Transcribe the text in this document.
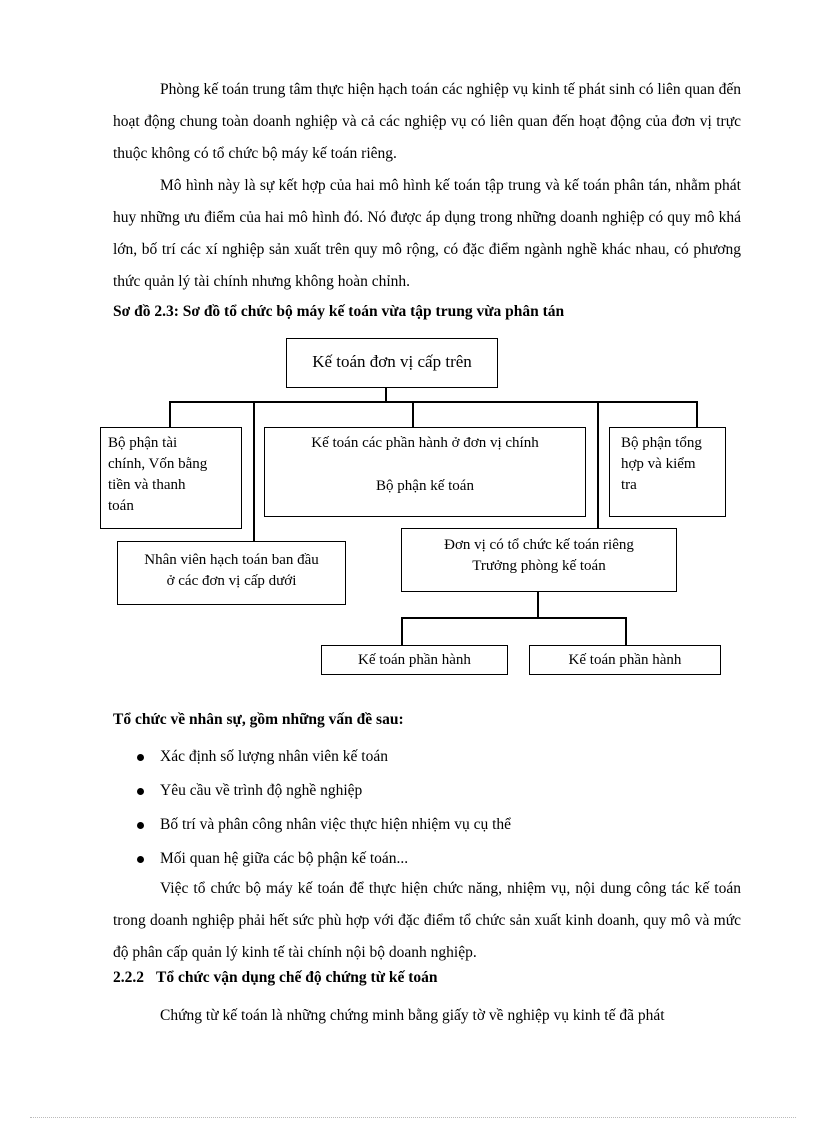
Phòng kế toán trung tâm thực hiện hạch toán các nghiệp vụ kinh tế phát sinh có liên quan đến hoạt động chung toàn doanh nghiệp và cả các nghiệp vụ có liên quan đến hoạt động của đơn vị trực thuộc không có tổ chức bộ máy kế toán riêng.

Mô hình này là sự kết hợp của hai mô hình kế toán tập trung và kế toán phân tán, nhằm phát huy những ưu điểm của hai mô hình đó. Nó được áp dụng trong những doanh nghiệp có quy mô khá lớn, bố trí các xí nghiệp sản xuất trên quy mô rộng, có đặc điểm ngành nghề khác nhau, có phương thức quản lý tài chính nhưng không hoàn chỉnh.

Sơ đồ 2.3: Sơ đồ tổ chức bộ máy kế toán vừa tập trung vừa phân tán

Kế toán đơn vị cấp trên
Bộ phận tài
chính, Vốn bằng
tiền và thanh
toán
Kế toán các phần hành ở đơn vị chính
Bộ phận kế toán
Bộ phận tổng
hợp và kiểm
tra
Nhân viên hạch toán ban đầu
ở các đơn vị cấp dưới
Đơn vị có tổ chức kế toán riêng
Trưởng phòng kế toán
Kế toán phần hành	Kế toán phần hành

Tổ chức về nhân sự, gồm những vấn đề sau:

Xác định số lượng nhân viên kế toán
Yêu cầu về trình độ nghề nghiệp
Bố trí và phân công nhân việc thực hiện nhiệm vụ cụ thể
Mối quan hệ giữa các bộ phận kế toán...

Việc tổ chức bộ máy kế toán để thực hiện chức năng, nhiệm vụ, nội dung công tác kế toán trong doanh nghiệp phải hết sức phù hợp với đặc điểm tổ chức sản xuất kinh doanh, quy mô và mức độ phân cấp quản lý kinh tế tài chính nội bộ doanh nghiệp.

2.2.2 Tổ chức vận dụng chế độ chứng từ kế toán

Chứng từ kế toán là những chứng minh bằng giấy tờ về nghiệp vụ kinh tế đã phát
